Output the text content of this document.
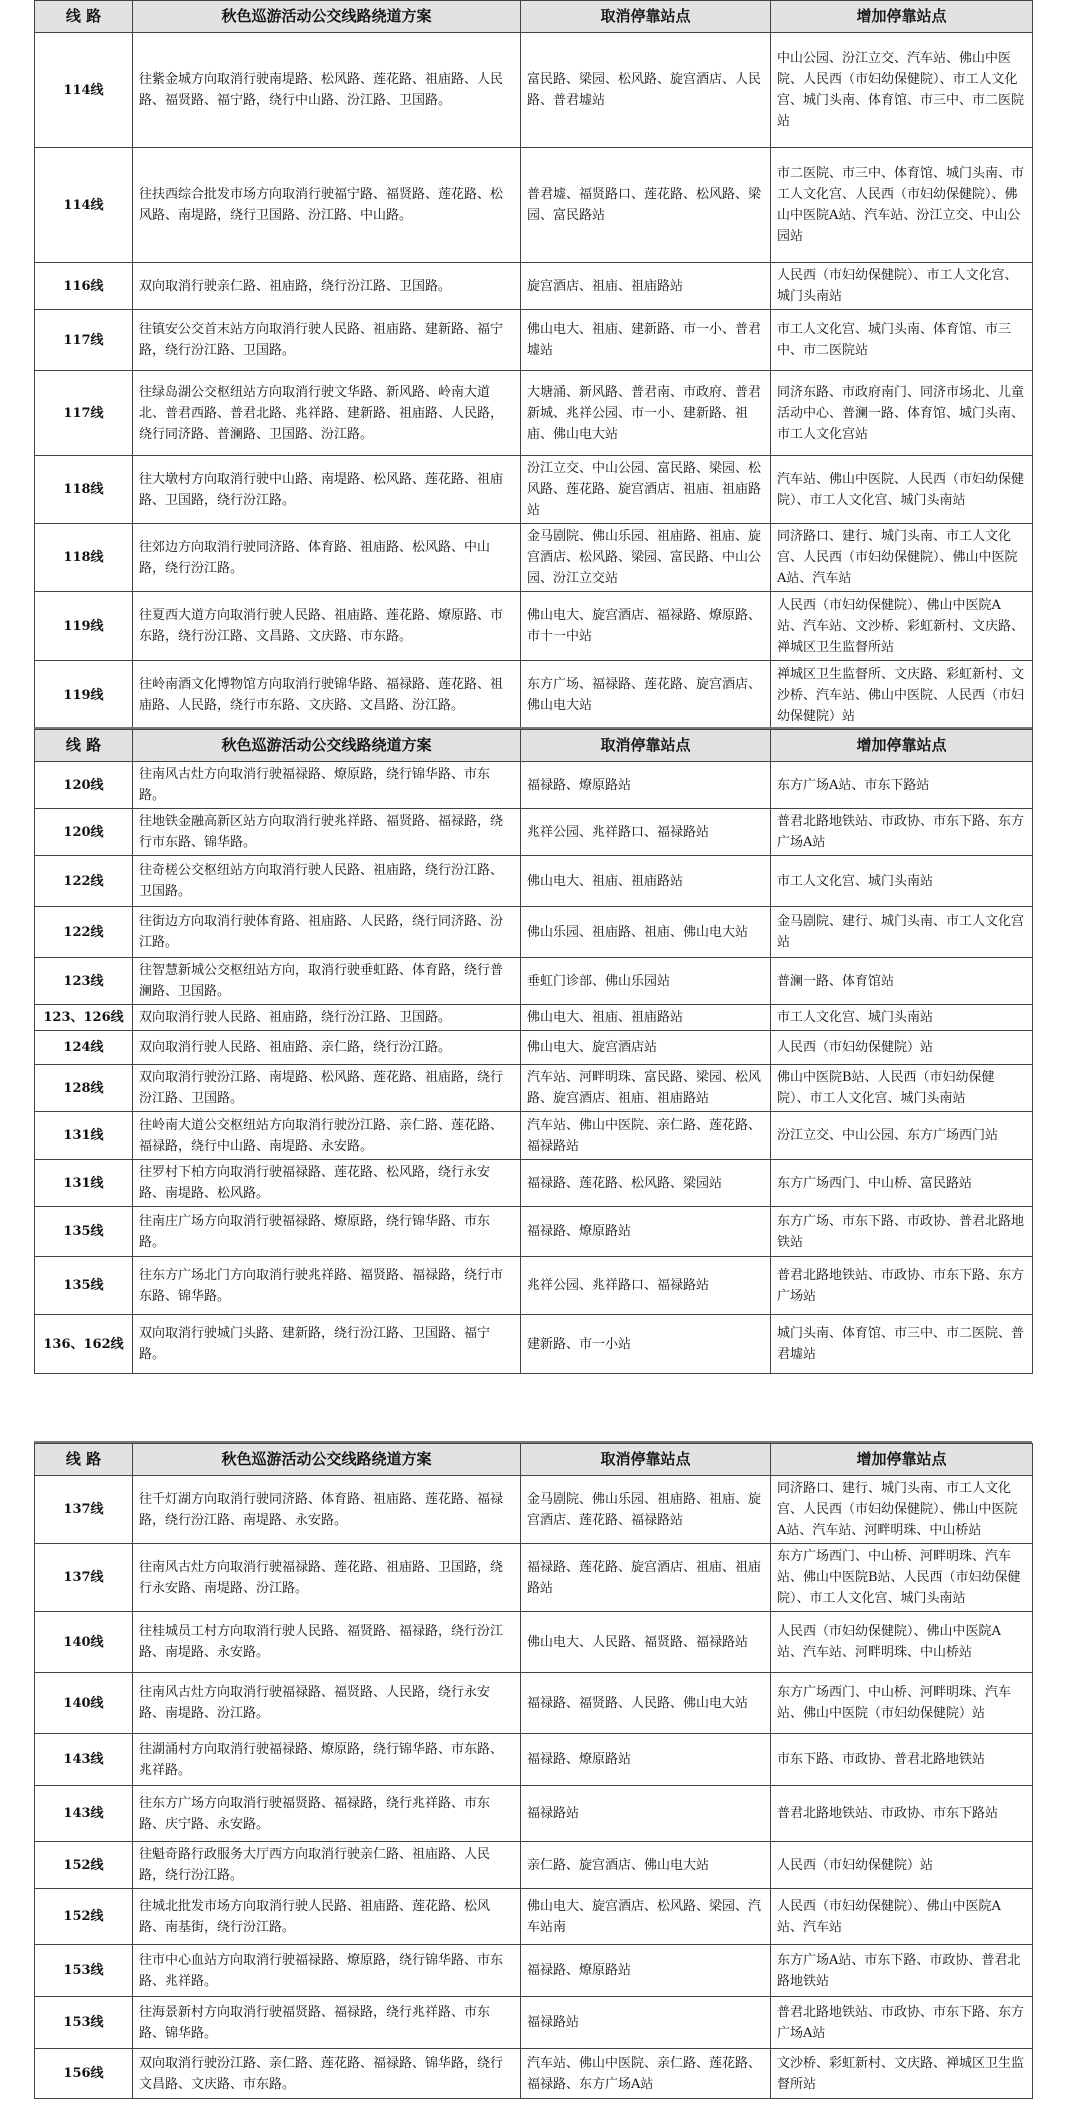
线 路	秋色巡游活动公交线路绕道方案	取消停靠站点	增加停靠站点
114线	往紫金城方向取消行驶南堤路、松风路、莲花路、祖庙路、人民路、福贤路、福宁路，绕行中山路、汾江路、卫国路。	富民路、梁园、松风路、旋宫酒店、人民路、普君墟站	中山公园、汾江立交、汽车站、佛山中医院、人民西（市妇幼保健院）、市工人文化宫、城门头南、体育馆、市三中、市二医院站
114线	往扶西综合批发市场方向取消行驶福宁路、福贤路、莲花路、松风路、南堤路，绕行卫国路、汾江路、中山路。	普君墟、福贤路口、莲花路、松风路、梁园、富民路站	市二医院、市三中、体育馆、城门头南、市工人文化宫、人民西（市妇幼保健院）、佛山中医院A站、汽车站、汾江立交、中山公园站
116线	双向取消行驶亲仁路、祖庙路，绕行汾江路、卫国路。	旋宫酒店、祖庙、祖庙路站	人民西（市妇幼保健院）、市工人文化宫、城门头南站
117线	往镇安公交首末站方向取消行驶人民路、祖庙路、建新路、福宁路，绕行汾江路、卫国路。	佛山电大、祖庙、建新路、市一小、普君墟站	市工人文化宫、城门头南、体育馆、市三中、市二医院站
117线	往绿岛湖公交枢纽站方向取消行驶文华路、新风路、岭南大道北、普君西路、普君北路、兆祥路、建新路、祖庙路、人民路，绕行同济路、普澜路、卫国路、汾江路。	大塘涌、新风路、普君南、市政府、普君新城、兆祥公园、市一小、建新路、祖庙、佛山电大站	同济东路、市政府南门、同济市场北、儿童活动中心、普澜一路、体育馆、城门头南、市工人文化宫站
118线	往大墩村方向取消行驶中山路、南堤路、松风路、莲花路、祖庙路、卫国路，绕行汾江路。	汾江立交、中山公园、富民路、梁园、松风路、莲花路、旋宫酒店、祖庙、祖庙路站	汽车站、佛山中医院、人民西（市妇幼保健院）、市工人文化宫、城门头南站
118线	往郊边方向取消行驶同济路、体育路、祖庙路、松风路、中山路，绕行汾江路。	金马剧院、佛山乐园、祖庙路、祖庙、旋宫酒店、松风路、梁园、富民路、中山公园、汾江立交站	同济路口、建行、城门头南、市工人文化宫、人民西（市妇幼保健院）、佛山中医院A站、汽车站
119线	往夏西大道方向取消行驶人民路、祖庙路、莲花路、燎原路、市东路，绕行汾江路、文昌路、文庆路、市东路。	佛山电大、旋宫酒店、福禄路、燎原路、市十一中站	人民西（市妇幼保健院）、佛山中医院A站、汽车站、文沙桥、彩虹新村、文庆路、禅城区卫生监督所站
119线	往岭南酒文化博物馆方向取消行驶锦华路、福禄路、莲花路、祖庙路、人民路，绕行市东路、文庆路、文昌路、汾江路。	东方广场、福禄路、莲花路、旋宫酒店、佛山电大站	禅城区卫生监督所、文庆路、彩虹新村、文沙桥、汽车站、佛山中医院、人民西（市妇幼保健院）站
线 路	秋色巡游活动公交线路绕道方案	取消停靠站点	增加停靠站点
120线	往南风古灶方向取消行驶福禄路、燎原路，绕行锦华路、市东路。	福禄路、燎原路站	东方广场A站、市东下路站
120线	往地铁金融高新区站方向取消行驶兆祥路、福贤路、福禄路，绕行市东路、锦华路。	兆祥公园、兆祥路口、福禄路站	普君北路地铁站、市政协、市东下路、东方广场A站
122线	往奇槎公交枢纽站方向取消行驶人民路、祖庙路，绕行汾江路、卫国路。	佛山电大、祖庙、祖庙路站	市工人文化宫、城门头南站
122线	往街边方向取消行驶体育路、祖庙路、人民路，绕行同济路、汾江路。	佛山乐园、祖庙路、祖庙、佛山电大站	金马剧院、建行、城门头南、市工人文化宫站
123线	往智慧新城公交枢纽站方向，取消行驶垂虹路、体育路，绕行普澜路、卫国路。	垂虹门诊部、佛山乐园站	普澜一路、体育馆站
123、126线	双向取消行驶人民路、祖庙路，绕行汾江路、卫国路。	佛山电大、祖庙、祖庙路站	市工人文化宫、城门头南站
124线	双向取消行驶人民路、祖庙路、亲仁路，绕行汾江路。	佛山电大、旋宫酒店站	人民西（市妇幼保健院）站
128线	双向取消行驶汾江路、南堤路、松风路、莲花路、祖庙路，绕行汾江路、卫国路。	汽车站、河畔明珠、富民路、梁园、松风路、旋宫酒店、祖庙、祖庙路站	佛山中医院B站、人民西（市妇幼保健院）、市工人文化宫、城门头南站
131线	往岭南大道公交枢纽站方向取消行驶汾江路、亲仁路、莲花路、福禄路，绕行中山路、南堤路、永安路。	汽车站、佛山中医院、亲仁路、莲花路、福禄路站	汾江立交、中山公园、东方广场西门站
131线	往罗村下柏方向取消行驶福禄路、莲花路、松风路，绕行永安路、南堤路、松风路。	福禄路、莲花路、松风路、梁园站	东方广场西门、中山桥、富民路站
135线	往南庄广场方向取消行驶福禄路、燎原路，绕行锦华路、市东路。	福禄路、燎原路站	东方广场、市东下路、市政协、普君北路地铁站
135线	往东方广场北门方向取消行驶兆祥路、福贤路、福禄路，绕行市东路、锦华路。	兆祥公园、兆祥路口、福禄路站	普君北路地铁站、市政协、市东下路、东方广场站
136、162线	双向取消行驶城门头路、建新路，绕行汾江路、卫国路、福宁路。	建新路、市一小站	城门头南、体育馆、市三中、市二医院、普君墟站
线 路	秋色巡游活动公交线路绕道方案	取消停靠站点	增加停靠站点
137线	往千灯湖方向取消行驶同济路、体育路、祖庙路、莲花路、福禄路，绕行汾江路、南堤路、永安路。	金马剧院、佛山乐园、祖庙路、祖庙、旋宫酒店、莲花路、福禄路站	同济路口、建行、城门头南、市工人文化宫、人民西（市妇幼保健院）、佛山中医院A站、汽车站、河畔明珠、中山桥站
137线	往南风古灶方向取消行驶福禄路、莲花路、祖庙路、卫国路，绕行永安路、南堤路、汾江路。	福禄路、莲花路、旋宫酒店、祖庙、祖庙路站	东方广场西门、中山桥、河畔明珠、汽车站、佛山中医院B站、人民西（市妇幼保健院）、市工人文化宫、城门头南站
140线	往桂城员工村方向取消行驶人民路、福贤路、福禄路，绕行汾江路、南堤路、永安路。	佛山电大、人民路、福贤路、福禄路站	人民西（市妇幼保健院）、佛山中医院A站、汽车站、河畔明珠、中山桥站
140线	往南风古灶方向取消行驶福禄路、福贤路、人民路，绕行永安路、南堤路、汾江路。	福禄路、福贤路、人民路、佛山电大站	东方广场西门、中山桥、河畔明珠、汽车站、佛山中医院（市妇幼保健院）站
143线	往湖涌村方向取消行驶福禄路、燎原路，绕行锦华路、市东路、兆祥路。	福禄路、燎原路站	市东下路、市政协、普君北路地铁站
143线	往东方广场方向取消行驶福贤路、福禄路，绕行兆祥路、市东路、庆宁路、永安路。	福禄路站	普君北路地铁站、市政协、市东下路站
152线	往魁奇路行政服务大厅西方向取消行驶亲仁路、祖庙路、人民路，绕行汾江路。	亲仁路、旋宫酒店、佛山电大站	人民西（市妇幼保健院）站
152线	往城北批发市场方向取消行驶人民路、祖庙路、莲花路、松风路、南基街，绕行汾江路。	佛山电大、旋宫酒店、松风路、梁园、汽车站南	人民西（市妇幼保健院）、佛山中医院A站、汽车站
153线	往市中心血站方向取消行驶福禄路、燎原路，绕行锦华路、市东路、兆祥路。	福禄路、燎原路站	东方广场A站、市东下路、市政协、普君北路地铁站
153线	往海景新村方向取消行驶福贤路、福禄路，绕行兆祥路、市东路、锦华路。	福禄路站	普君北路地铁站、市政协、市东下路、东方广场A站
156线	双向取消行驶汾江路、亲仁路、莲花路、福禄路、锦华路，绕行文昌路、文庆路、市东路。	汽车站、佛山中医院、亲仁路、莲花路、福禄路、东方广场A站	文沙桥、彩虹新村、文庆路、禅城区卫生监督所站
